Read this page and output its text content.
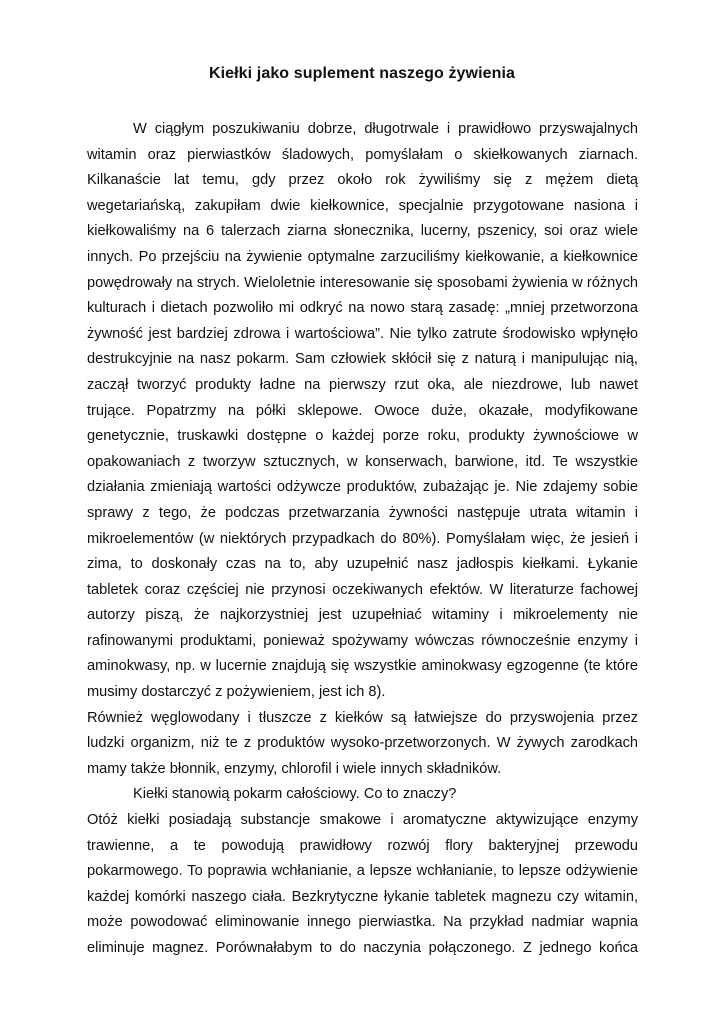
Kiełki jako suplement naszego żywienia
W ciągłym poszukiwaniu dobrze, długotrwale i prawidłowo przyswajalnych
witamin oraz pierwiastków śladowych, pomyślałam o skiełkowanych ziarnach.
Kilkanaście lat temu, gdy przez około rok żywiliśmy się z mężem dietą
wegetariańską, zakupiłam dwie kiełkownice, specjalnie przygotowane nasiona i
kiełkowaliśmy na 6 talerzach ziarna słonecznika, lucerny, pszenicy, soi oraz wiele
innych. Po przejściu na żywienie optymalne zarzuciliśmy kiełkowanie, a kiełkownice
powędrowały na strych. Wieloletnie interesowanie się sposobami żywienia w różnych
kulturach i dietach pozwoliło mi odkryć na nowo starą zasadę: „mniej przetworzona
żywność jest bardziej zdrowa i wartościowa”. Nie tylko zatrute środowisko wpłynęło
destrukcyjnie na nasz pokarm. Sam człowiek skłócił się z naturą i manipulując nią,
zaczął tworzyć produkty ładne na pierwszy rzut oka, ale niezdrowe, lub nawet
trujące. Popatrzmy na półki sklepowe. Owoce duże, okazałe, modyfikowane
genetycznie, truskawki dostępne o każdej porze roku, produkty żywnościowe w
opakowaniach z tworzyw sztucznych, w konserwach, barwione, itd. Te wszystkie
działania zmieniają wartości odżywcze produktów, zubażając je. Nie zdajemy sobie
sprawy z tego, że podczas przetwarzania żywności następuje utrata witamin i
mikroelementów (w niektórych przypadkach do 80%). Pomyślałam więc, że jesień i
zima, to doskonały czas na to, aby uzupełnić nasz jadłospis kiełkami. Łykanie
tabletek coraz częściej nie przynosi oczekiwanych efektów. W literaturze fachowej
autorzy piszą, że najkorzystniej jest uzupełniać witaminy i mikroelementy nie
rafinowanymi produktami, ponieważ spożywamy wówczas równocześnie enzymy i
aminokwasy, np. w lucernie znajdują się wszystkie aminokwasy egzogenne (te które
musimy dostarczyć z pożywieniem, jest ich 8).
Również węglowodany i tłuszcze z kiełków są łatwiejsze do przyswojenia przez
ludzki organizm, niż te z produktów wysoko-przetworzonych. W żywych zarodkach
mamy także błonnik, enzymy, chlorofil i wiele innych składników.
Kiełki stanowią pokarm całościowy. Co to znaczy?
Otóż kiełki posiadają substancje smakowe i aromatyczne aktywizujące enzymy
trawienne, a te powodują prawidłowy rozwój flory bakteryjnej przewodu
pokarmowego. To poprawia wchłanianie, a lepsze wchłanianie, to lepsze odżywienie
każdej komórki naszego ciała. Bezkrytyczne łykanie tabletek magnezu czy witamin,
może powodować eliminowanie innego pierwiastka. Na przykład nadmiar wapnia
eliminuje magnez. Porównałabym to do naczynia połączonego. Z jednego końca
